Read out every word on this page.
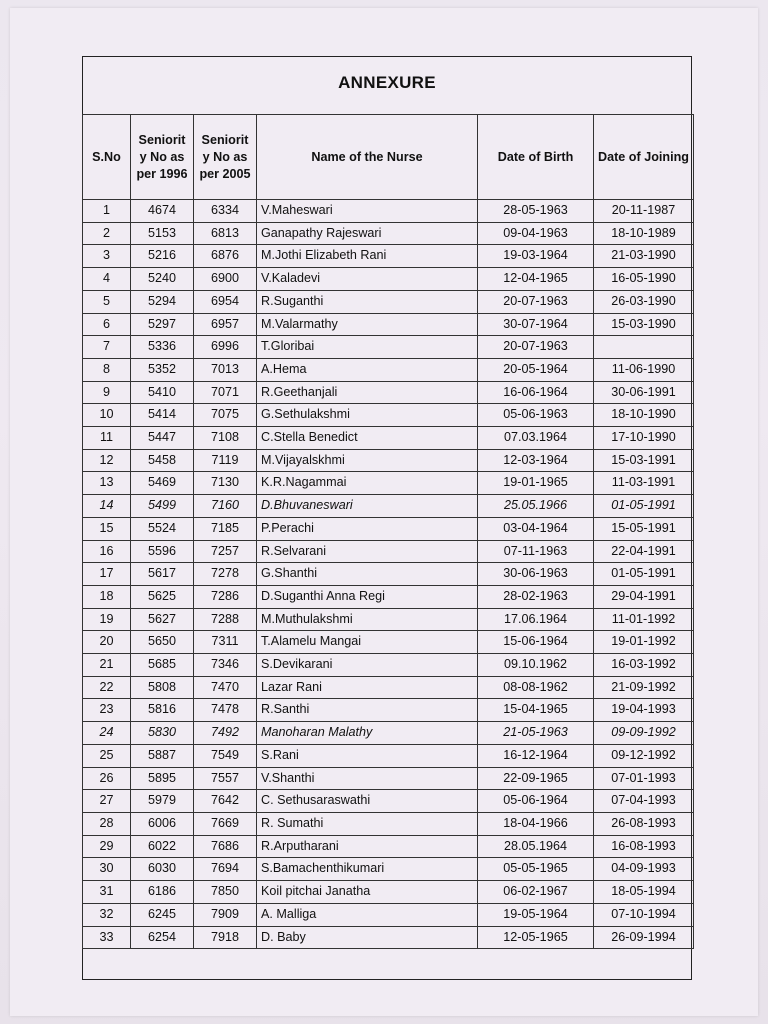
ANNEXURE
S.No	Seniorit y No as per 1996	Seniorit y No as per 2005	Name of the Nurse	Date of Birth	Date of Joining
1	4674	6334	V.Maheswari	28-05-1963	20-11-1987
2	5153	6813	Ganapathy Rajeswari	09-04-1963	18-10-1989
3	5216	6876	M.Jothi Elizabeth Rani	19-03-1964	21-03-1990
4	5240	6900	V.Kaladevi	12-04-1965	16-05-1990
5	5294	6954	R.Suganthi	20-07-1963	26-03-1990
6	5297	6957	M.Valarmathy	30-07-1964	15-03-1990
7	5336	6996	T.Gloribai	20-07-1963	
8	5352	7013	A.Hema	20-05-1964	11-06-1990
9	5410	7071	R.Geethanjali	16-06-1964	30-06-1991
10	5414	7075	G.Sethulakshmi	05-06-1963	18-10-1990
11	5447	7108	C.Stella Benedict	07.03.1964	17-10-1990
12	5458	7119	M.Vijayalskhmi	12-03-1964	15-03-1991
13	5469	7130	K.R.Nagammai	19-01-1965	11-03-1991
14	5499	7160	D.Bhuvaneswari	25.05.1966	01-05-1991
15	5524	7185	P.Perachi	03-04-1964	15-05-1991
16	5596	7257	R.Selvarani	07-11-1963	22-04-1991
17	5617	7278	G.Shanthi	30-06-1963	01-05-1991
18	5625	7286	D.Suganthi Anna Regi	28-02-1963	29-04-1991
19	5627	7288	M.Muthulakshmi	17.06.1964	11-01-1992
20	5650	7311	T.Alamelu Mangai	15-06-1964	19-01-1992
21	5685	7346	S.Devikarani	09.10.1962	16-03-1992
22	5808	7470	Lazar Rani	08-08-1962	21-09-1992
23	5816	7478	R.Santhi	15-04-1965	19-04-1993
24	5830	7492	Manoharan Malathy	21-05-1963	09-09-1992
25	5887	7549	S.Rani	16-12-1964	09-12-1992
26	5895	7557	V.Shanthi	22-09-1965	07-01-1993
27	5979	7642	C. Sethusaraswathi	05-06-1964	07-04-1993
28	6006	7669	R. Sumathi	18-04-1966	26-08-1993
29	6022	7686	R.Arputharani	28.05.1964	16-08-1993
30	6030	7694	S.Bamachenthikumari	05-05-1965	04-09-1993
31	6186	7850	Koil pitchai Janatha	06-02-1967	18-05-1994
32	6245	7909	A. Malliga	19-05-1964	07-10-1994
33	6254	7918	D. Baby	12-05-1965	26-09-1994
